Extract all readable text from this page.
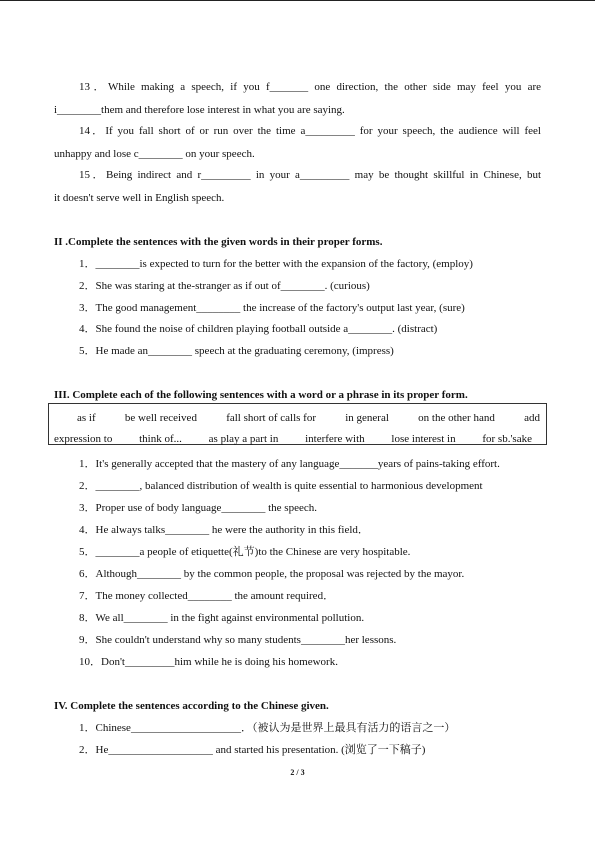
13．While making a speech, if you f_______ one direction, the other side may feel you are
i________them and therefore lose interest in what you are saying.
14．If you fall short of or run over the time a_________ for your speech, the audience will feel
unhappy and lose c________ on your speech.
15．Being indirect and r_________ in your a_________ may be thought skillful in Chinese, but
it doesn't serve well in English speech.
II .Complete the sentences with the given words in their proper forms.
1．________is expected to turn for the better with the expansion of the factory, (employ)
2．She was staring at the-stranger as if out of________. (curious)
3．The good management________ the increase of the factory's output last year, (sure)
4．She found the noise of children playing football outside a________. (distract)
5．He made an________ speech at the graduating ceremony, (impress)
III. Complete each of the following sentences with a word or a phrase in its proper form.
as if	be well received	fall short of calls for	in general	on the other hand	add
expression to think of... as play a part in interfere with lose interest in for sb.'sake
1．It's generally accepted that the mastery of any language_______years of pains-taking effort.
2．________, balanced distribution of wealth is quite essential to harmonious development
3．Proper use of body language________ the speech.
4．He always talks________ he were the authority in this field．
5．________a people of etiquette(礼节)to the Chinese are very hospitable.
6．Although________ by the common people, the proposal was rejected by the mayor.
7．The money collected________ the amount required．
8．We all________ in the fight against environmental pollution.
9．She couldn't understand why so many students________her lessons.
10．Don't_________him while he is doing his homework.
IV. Complete the sentences according to the Chinese given.
1．Chinese____________________．（被认为是世界上最具有活力的语言之一）
2．He___________________ and started his presentation. (浏览了一下稿子)
2 / 3
